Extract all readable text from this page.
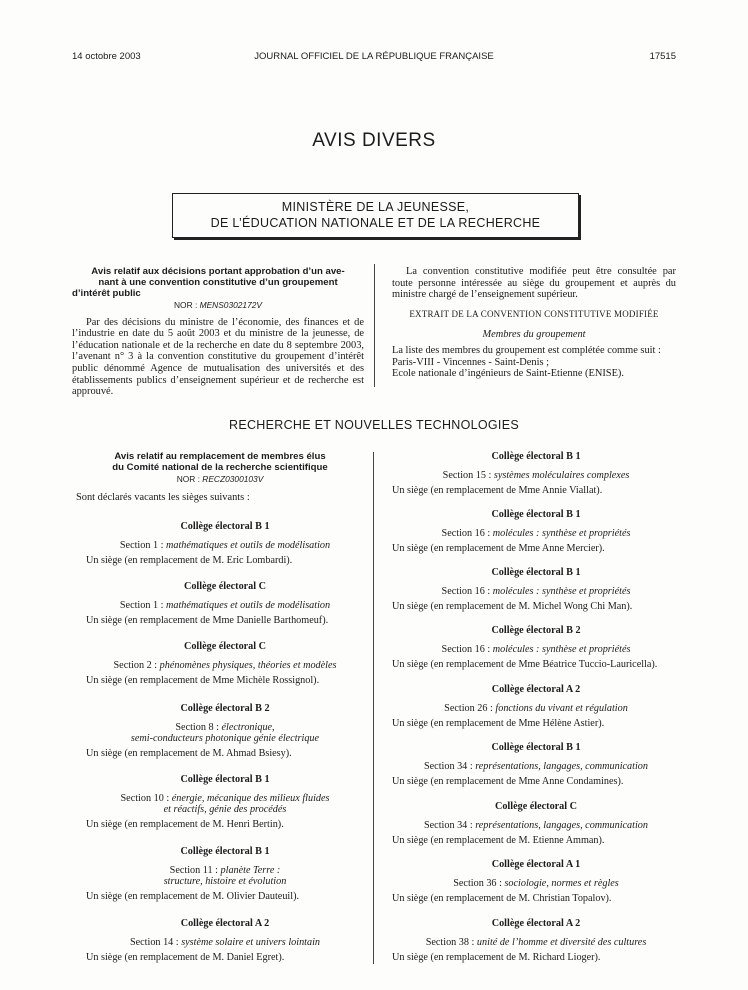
14 octobre 2003	JOURNAL OFFICIEL DE LA RÉPUBLIQUE FRANÇAISE	17515
AVIS DIVERS
MINISTÈRE DE LA JEUNESSE,
DE L’ÉDUCATION NATIONALE ET DE LA RECHERCHE
Avis relatif aux décisions portant approbation d’un ave-
nant à une convention constitutive d’un groupement
d’intérêt public
NOR : MENS0302172V

Par des décisions du ministre de l’économie, des finances et de l’industrie en date du 5 août 2003 et du ministre de la jeunesse, de l’éducation nationale et de la recherche en date du 8 septembre 2003, l’avenant n° 3 à la convention constitutive du groupement d’intérêt public dénommé Agence de mutualisation des universités et des établissements publics d’enseignement supérieur et de recherche est approuvé.

La convention constitutive modifiée peut être consultée par toute personne intéressée au siège du groupement et auprès du ministre chargé de l’enseignement supérieur.

EXTRAIT DE LA CONVENTION CONSTITUTIVE MODIFIÉE

Membres du groupement

La liste des membres du groupement est complétée comme suit :

Paris-VIII - Vincennes - Saint-Denis ;

Ecole nationale d’ingénieurs de Saint-Etienne (ENISE).

RECHERCHE ET NOUVELLES TECHNOLOGIES
Avis relatif au remplacement de membres élus
du Comité national de la recherche scientifique
NOR : RECZ0300103V

Sont déclarés vacants les sièges suivants :

Collège électoral B 1
Section 1 : mathématiques et outils de modélisation
Un siège (en remplacement de M. Eric Lombardi).
Collège électoral C
Section 1 : mathématiques et outils de modélisation
Un siège (en remplacement de Mme Danielle Barthomeuf).
Collège électoral C
Section 2 : phénomènes physiques, théories et modèles
Un siège (en remplacement de Mme Michèle Rossignol).
Collège électoral B 2
Section 8 : électronique,
semi-conducteurs photonique génie électrique
Un siège (en remplacement de M. Ahmad Bsiesy).
Collège électoral B 1
Section 10 : énergie, mécanique des milieux fluides
et réactifs, génie des procédés
Un siège (en remplacement de M. Henri Bertin).
Collège électoral B 1
Section 11 : planète Terre :
structure, histoire et évolution
Un siège (en remplacement de M. Olivier Dauteuil).
Collège électoral A 2
Section 14 : système solaire et univers lointain
Un siège (en remplacement de M. Daniel Egret).
Collège électoral B 1
Section 15 : systèmes moléculaires complexes
Un siège (en remplacement de Mme Annie Viallat).
Collège électoral B 1
Section 16 : molécules : synthèse et propriétés
Un siège (en remplacement de Mme Anne Mercier).
Collège électoral B 1
Section 16 : molécules : synthèse et propriétés
Un siège (en remplacement de M. Michel Wong Chi Man).
Collège électoral B 2
Section 16 : molécules : synthèse et propriétés
Un siège (en remplacement de Mme Béatrice Tuccio-Lauricella).
Collège électoral A 2
Section 26 : fonctions du vivant et régulation
Un siège (en remplacement de Mme Hélène Astier).
Collège électoral B 1
Section 34 : représentations, langages, communication
Un siège (en remplacement de Mme Anne Condamines).
Collège électoral C
Section 34 : représentations, langages, communication
Un siège (en remplacement de M. Etienne Amman).
Collège électoral A 1
Section 36 : sociologie, normes et règles
Un siège (en remplacement de M. Christian Topalov).
Collège électoral A 2
Section 38 : unité de l’homme et diversité des cultures
Un siège (en remplacement de M. Richard Lioger).
